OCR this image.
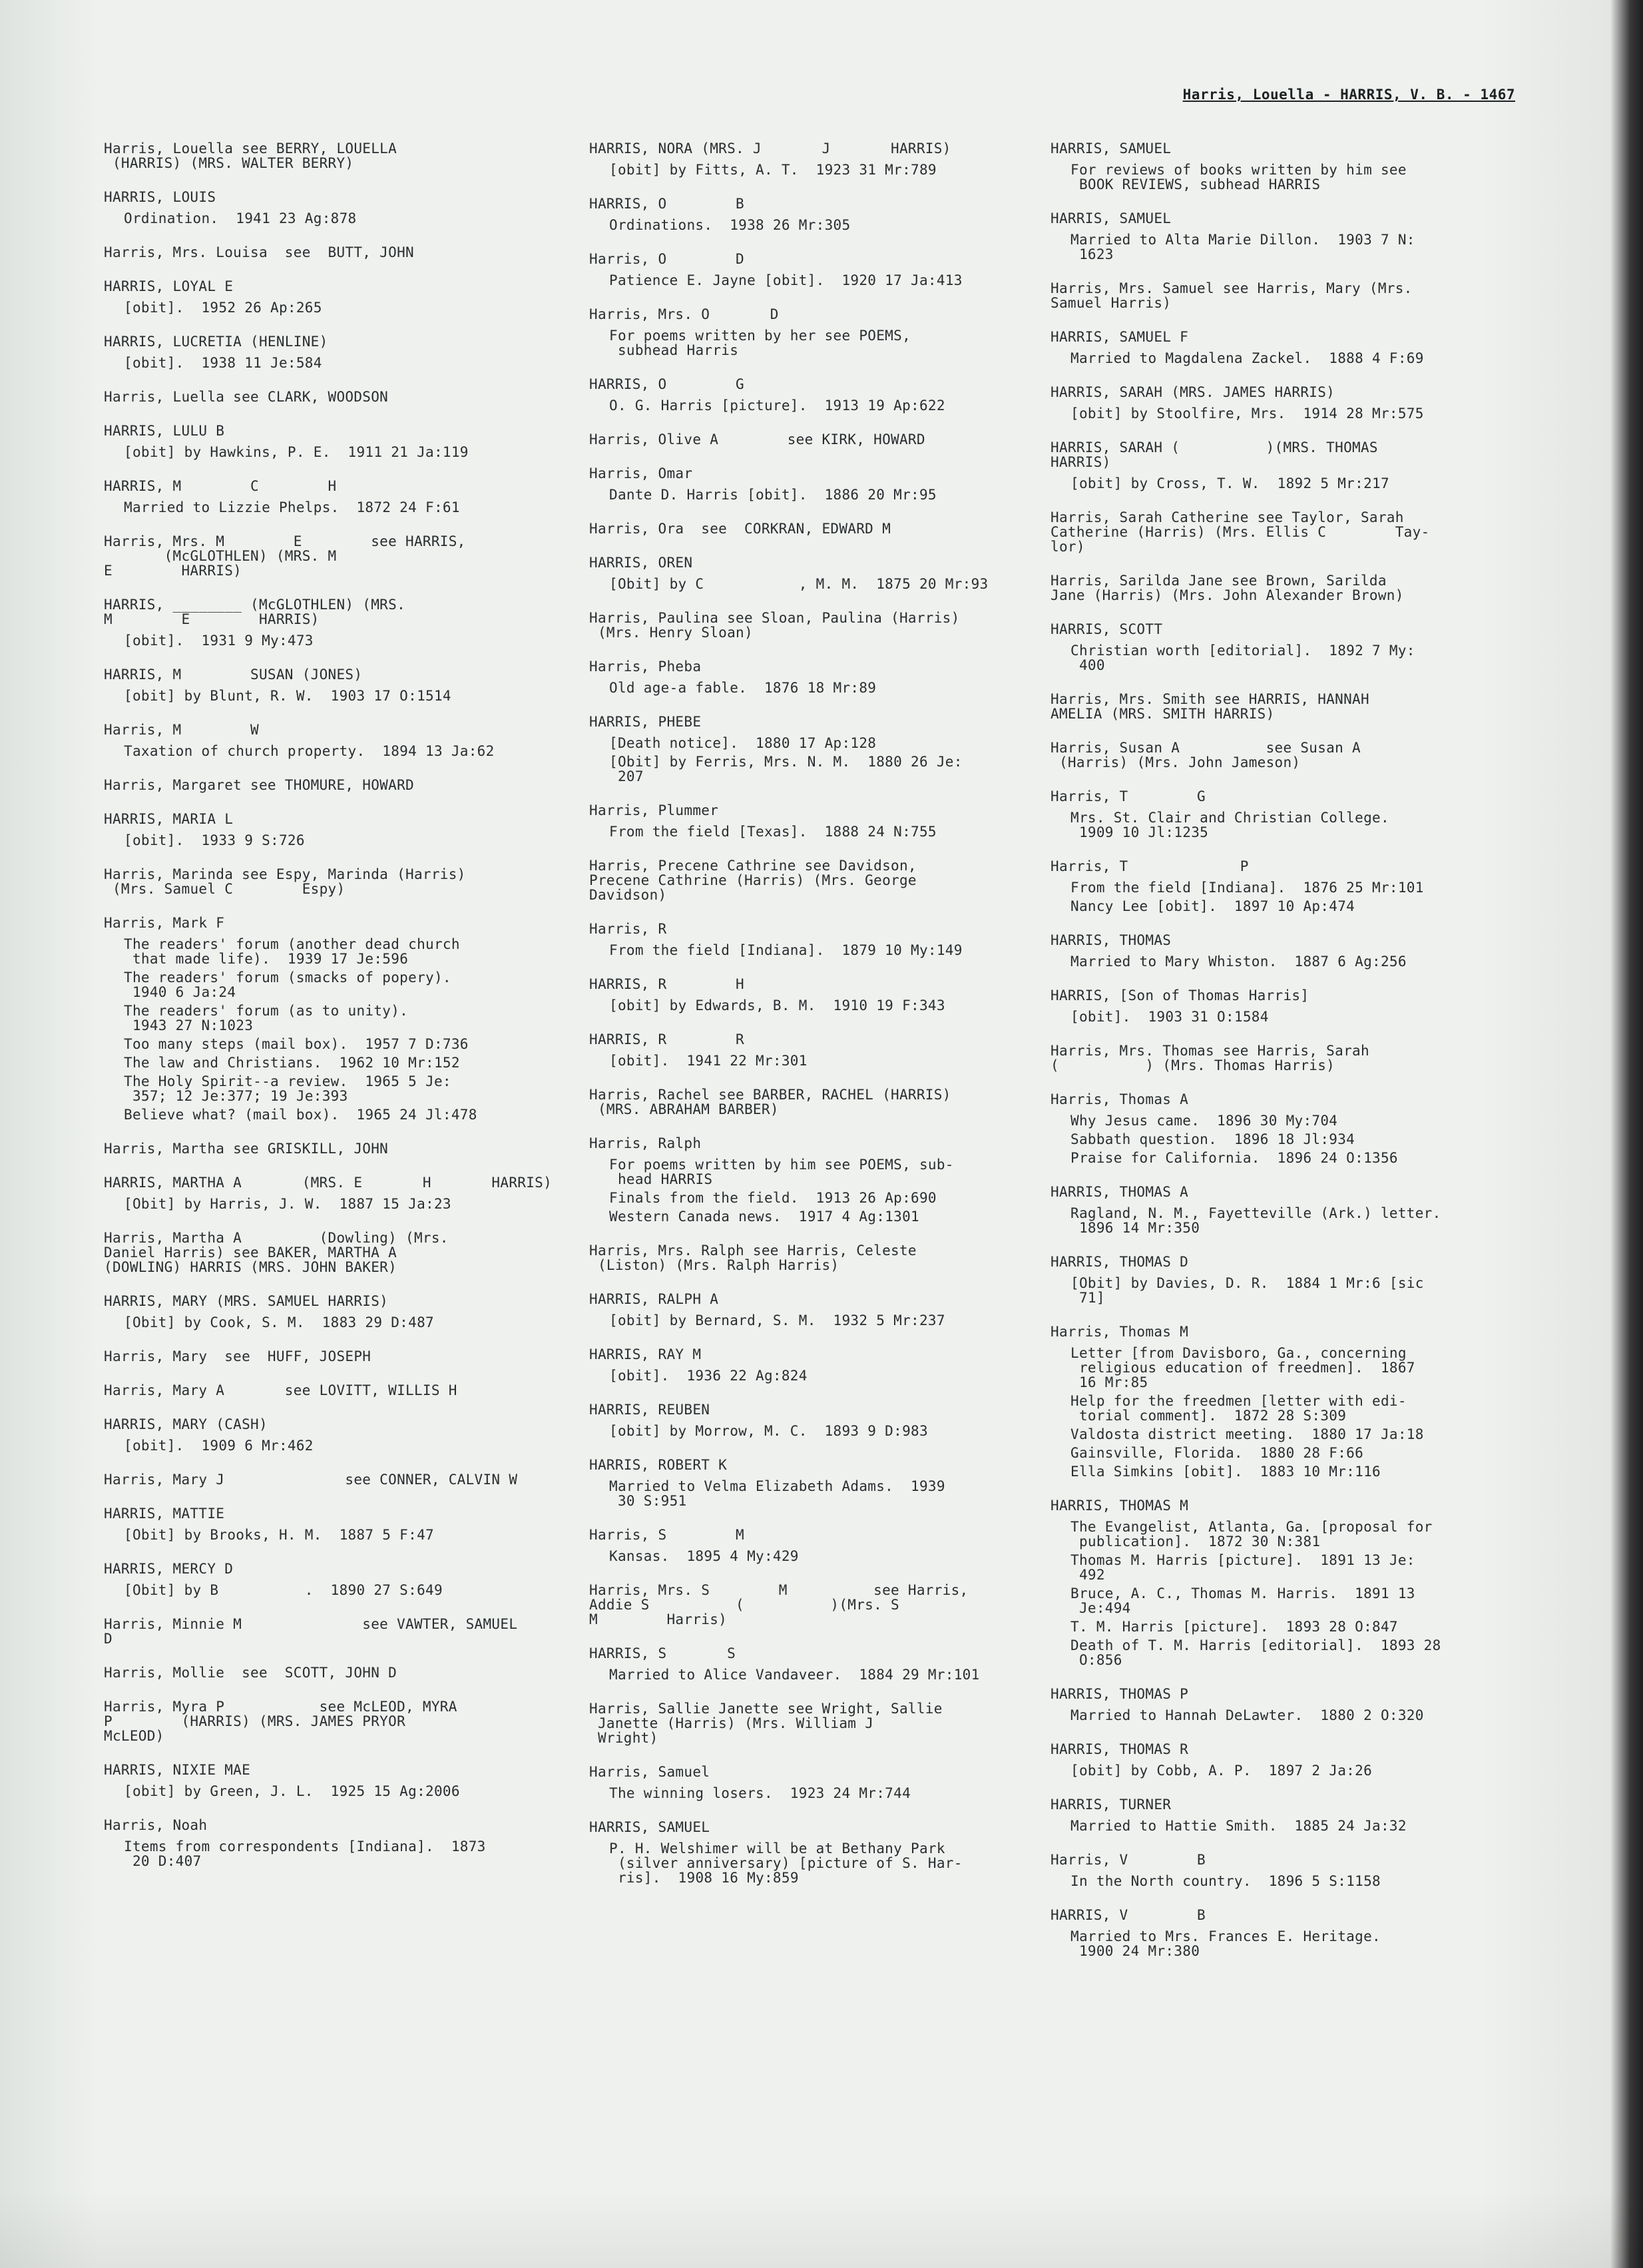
Harris, Louella - HARRIS, V. B. - 1467
Harris, Louella see BERRY, LOUELLA
(HARRIS) (MRS. WALTER BERRY)
HARRIS, LOUIS
Ordination.  1941 23 Ag:878
Harris, Mrs. Louisa  see  BUTT, JOHN
HARRIS, LOYAL E
[obit].  1952 26 Ap:265
HARRIS, LUCRETIA (HENLINE)
[obit].  1938 11 Je:584
Harris, Luella see CLARK, WOODSON
HARRIS, LULU B
[obit] by Hawkins, P. E.  1911 21 Ja:119
HARRIS, M        C        H
Married to Lizzie Phelps.  1872 24 F:61
Harris, Mrs. M        E        see HARRIS,
(McGLOTHLEN) (MRS. M
E        HARRIS)
HARRIS, ________ (McGLOTHLEN) (MRS.
M        E        HARRIS)
[obit].  1931 9 My:473
HARRIS, M        SUSAN (JONES)
[obit] by Blunt, R. W.  1903 17 O:1514
Harris, M        W
Taxation of church property.  1894 13 Ja:62
Harris, Margaret see THOMURE, HOWARD
HARRIS, MARIA L
[obit].  1933 9 S:726
Harris, Marinda see Espy, Marinda (Harris)
(Mrs. Samuel C        Espy)
Harris, Mark F
The readers' forum (another dead church
that made life).  1939 17 Je:596
The readers' forum (smacks of popery).
1940 6 Ja:24
The readers' forum (as to unity).
1943 27 N:1023
Too many steps (mail box).  1957 7 D:736
The law and Christians.  1962 10 Mr:152
The Holy Spirit--a review.  1965 5 Je:
357; 12 Je:377; 19 Je:393
Believe what? (mail box).  1965 24 Jl:478
Harris, Martha see GRISKILL, JOHN
HARRIS, MARTHA A       (MRS. E       H       HARRIS)
[Obit] by Harris, J. W.  1887 15 Ja:23
Harris, Martha A         (Dowling) (Mrs.
Daniel Harris) see BAKER, MARTHA A
(DOWLING) HARRIS (MRS. JOHN BAKER)
HARRIS, MARY (MRS. SAMUEL HARRIS)
[Obit] by Cook, S. M.  1883 29 D:487
Harris, Mary  see  HUFF, JOSEPH
Harris, Mary A       see LOVITT, WILLIS H
HARRIS, MARY (CASH)
[obit].  1909 6 Mr:462
Harris, Mary J              see CONNER, CALVIN W
HARRIS, MATTIE
[Obit] by Brooks, H. M.  1887 5 F:47
HARRIS, MERCY D
[Obit] by B          .  1890 27 S:649
Harris, Minnie M              see VAWTER, SAMUEL
D
Harris, Mollie  see  SCOTT, JOHN D
Harris, Myra P           see McLEOD, MYRA
P        (HARRIS) (MRS. JAMES PRYOR
McLEOD)
HARRIS, NIXIE MAE
[obit] by Green, J. L.  1925 15 Ag:2006
Harris, Noah
Items from correspondents [Indiana].  1873
20 D:407
HARRIS, NORA (MRS. J       J       HARRIS)
[obit] by Fitts, A. T.  1923 31 Mr:789
HARRIS, O        B
Ordinations.  1938 26 Mr:305
Harris, O        D
Patience E. Jayne [obit].  1920 17 Ja:413
Harris, Mrs. O       D
For poems written by her see POEMS,
subhead Harris
HARRIS, O        G
O. G. Harris [picture].  1913 19 Ap:622
Harris, Olive A        see KIRK, HOWARD
Harris, Omar
Dante D. Harris [obit].  1886 20 Mr:95
Harris, Ora  see  CORKRAN, EDWARD M
HARRIS, OREN
[Obit] by C           , M. M.  1875 20 Mr:93
Harris, Paulina see Sloan, Paulina (Harris)
(Mrs. Henry Sloan)
Harris, Pheba
Old age-a fable.  1876 18 Mr:89
HARRIS, PHEBE
[Death notice].  1880 17 Ap:128
[Obit] by Ferris, Mrs. N. M.  1880 26 Je:
207
Harris, Plummer
From the field [Texas].  1888 24 N:755
Harris, Precene Cathrine see Davidson,
Precene Cathrine (Harris) (Mrs. George
Davidson)
Harris, R
From the field [Indiana].  1879 10 My:149
HARRIS, R        H
[obit] by Edwards, B. M.  1910 19 F:343
HARRIS, R        R
[obit].  1941 22 Mr:301
Harris, Rachel see BARBER, RACHEL (HARRIS)
(MRS. ABRAHAM BARBER)
Harris, Ralph
For poems written by him see POEMS, sub-
head HARRIS
Finals from the field.  1913 26 Ap:690
Western Canada news.  1917 4 Ag:1301
Harris, Mrs. Ralph see Harris, Celeste
(Liston) (Mrs. Ralph Harris)
HARRIS, RALPH A
[obit] by Bernard, S. M.  1932 5 Mr:237
HARRIS, RAY M
[obit].  1936 22 Ag:824
HARRIS, REUBEN
[obit] by Morrow, M. C.  1893 9 D:983
HARRIS, ROBERT K
Married to Velma Elizabeth Adams.  1939
30 S:951
Harris, S        M
Kansas.  1895 4 My:429
Harris, Mrs. S        M          see Harris,
Addie S          (          )(Mrs. S
M        Harris)
HARRIS, S       S
Married to Alice Vandaveer.  1884 29 Mr:101
Harris, Sallie Janette see Wright, Sallie
Janette (Harris) (Mrs. William J
Wright)
Harris, Samuel
The winning losers.  1923 24 Mr:744
HARRIS, SAMUEL
P. H. Welshimer will be at Bethany Park
(silver anniversary) [picture of S. Har-
ris].  1908 16 My:859
HARRIS, SAMUEL
For reviews of books written by him see
BOOK REVIEWS, subhead HARRIS
HARRIS, SAMUEL
Married to Alta Marie Dillon.  1903 7 N:
1623
Harris, Mrs. Samuel see Harris, Mary (Mrs.
Samuel Harris)
HARRIS, SAMUEL F
Married to Magdalena Zackel.  1888 4 F:69
HARRIS, SARAH (MRS. JAMES HARRIS)
[obit] by Stoolfire, Mrs.  1914 28 Mr:575
HARRIS, SARAH (          )(MRS. THOMAS
HARRIS)
[obit] by Cross, T. W.  1892 5 Mr:217
Harris, Sarah Catherine see Taylor, Sarah
Catherine (Harris) (Mrs. Ellis C        Tay-
lor)
Harris, Sarilda Jane see Brown, Sarilda
Jane (Harris) (Mrs. John Alexander Brown)
HARRIS, SCOTT
Christian worth [editorial].  1892 7 My:
400
Harris, Mrs. Smith see HARRIS, HANNAH
AMELIA (MRS. SMITH HARRIS)
Harris, Susan A          see Susan A
(Harris) (Mrs. John Jameson)
Harris, T        G
Mrs. St. Clair and Christian College.
1909 10 Jl:1235
Harris, T             P
From the field [Indiana].  1876 25 Mr:101
Nancy Lee [obit].  1897 10 Ap:474
HARRIS, THOMAS
Married to Mary Whiston.  1887 6 Ag:256
HARRIS, [Son of Thomas Harris]
[obit].  1903 31 O:1584
Harris, Mrs. Thomas see Harris, Sarah
(          ) (Mrs. Thomas Harris)
Harris, Thomas A
Why Jesus came.  1896 30 My:704
Sabbath question.  1896 18 Jl:934
Praise for California.  1896 24 O:1356
HARRIS, THOMAS A
Ragland, N. M., Fayetteville (Ark.) letter.
1896 14 Mr:350
HARRIS, THOMAS D
[Obit] by Davies, D. R.  1884 1 Mr:6 [sic
71]
Harris, Thomas M
Letter [from Davisboro, Ga., concerning
religious education of freedmen].  1867
16 Mr:85
Help for the freedmen [letter with edi-
torial comment].  1872 28 S:309
Valdosta district meeting.  1880 17 Ja:18
Gainsville, Florida.  1880 28 F:66
Ella Simkins [obit].  1883 10 Mr:116
HARRIS, THOMAS M
The Evangelist, Atlanta, Ga. [proposal for
publication].  1872 30 N:381
Thomas M. Harris [picture].  1891 13 Je:
492
Bruce, A. C., Thomas M. Harris.  1891 13
Je:494
T. M. Harris [picture].  1893 28 O:847
Death of T. M. Harris [editorial].  1893 28
O:856
HARRIS, THOMAS P
Married to Hannah DeLawter.  1880 2 O:320
HARRIS, THOMAS R
[obit] by Cobb, A. P.  1897 2 Ja:26
HARRIS, TURNER
Married to Hattie Smith.  1885 24 Ja:32
Harris, V        B
In the North country.  1896 5 S:1158
HARRIS, V        B
Married to Mrs. Frances E. Heritage.
1900 24 Mr:380
